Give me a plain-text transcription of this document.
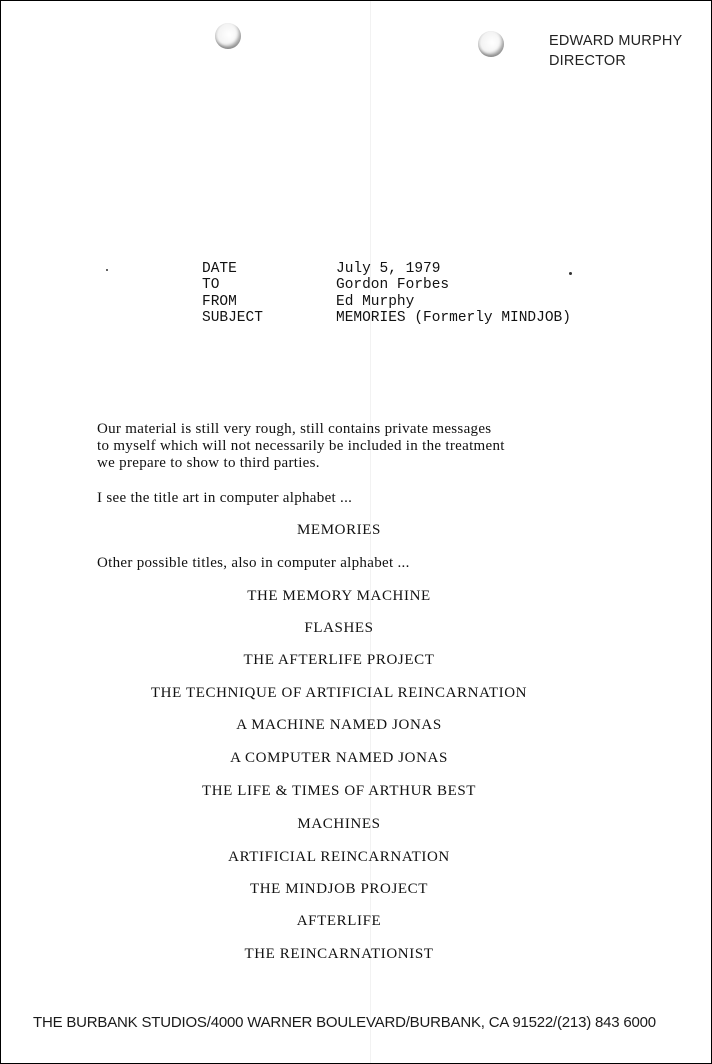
EDWARD MURPHY
DIRECTOR
DATE	July 5, 1979
TO	Gordon Forbes
FROM	Ed Murphy
SUBJECT	MEMORIES (Formerly MINDJOB)
Our material is still very rough, still contains private messages
to myself which will not necessarily be included in the treatment
we prepare to show to third parties.
I see the title art in computer alphabet ...
MEMORIES
Other possible titles, also in computer alphabet ...
THE MEMORY MACHINE
FLASHES
THE AFTERLIFE PROJECT
THE TECHNIQUE OF ARTIFICIAL REINCARNATION
A MACHINE NAMED JONAS
A COMPUTER NAMED JONAS
THE LIFE & TIMES OF ARTHUR BEST
MACHINES
ARTIFICIAL REINCARNATION
THE MINDJOB PROJECT
AFTERLIFE
THE REINCARNATIONIST
THE BURBANK STUDIOS/4000 WARNER BOULEVARD/BURBANK, CA 91522/(213) 843 6000
